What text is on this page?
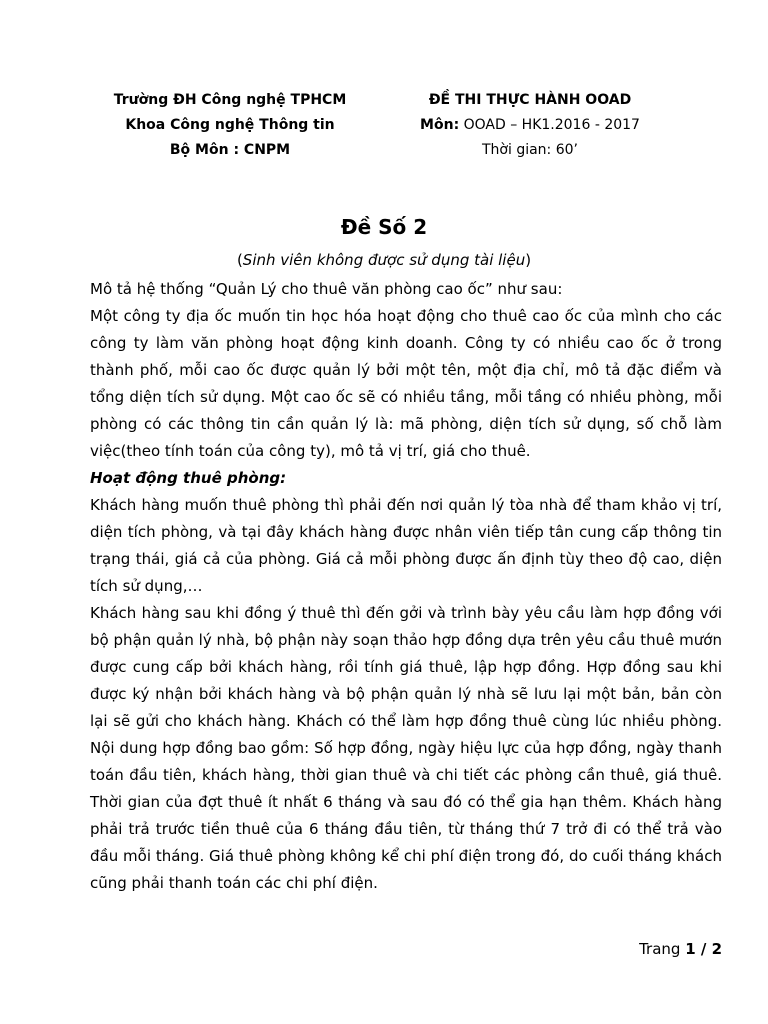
Trường ĐH Công nghệ TPHCM
Khoa Công nghệ Thông tin
Bộ Môn : CNPM
ĐỀ THI THỰC HÀNH OOAD
Môn: OOAD – HK1.2016 - 2017
Thời gian: 60’
Đề Số 2
(Sinh viên không được sử dụng tài liệu)

Mô tả hệ thống “Quản Lý cho thuê văn phòng cao ốc” như sau:

Một công ty địa ốc muốn tin học hóa hoạt động cho thuê cao ốc của mình cho các công ty làm văn phòng hoạt động kinh doanh. Công ty có nhiều cao ốc ở trong thành phố, mỗi cao ốc được quản lý bởi một tên, một địa chỉ, mô tả đặc điểm và tổng diện tích sử dụng. Một cao ốc sẽ có nhiều tầng, mỗi tầng có nhiều phòng, mỗi phòng có các thông tin cần quản lý là: mã phòng, diện tích sử dụng, số chỗ làm việc(theo tính toán của công ty), mô tả vị trí, giá cho thuê.

Hoạt động thuê phòng:

Khách hàng muốn thuê phòng thì phải đến nơi quản lý tòa nhà để tham khảo vị trí, diện tích phòng, và tại đây khách hàng được nhân viên tiếp tân cung cấp thông tin trạng thái, giá cả của phòng. Giá cả mỗi phòng được ấn định tùy theo độ cao, diện tích sử dụng,…

Khách hàng sau khi đồng ý thuê thì đến gởi và trình bày yêu cầu làm hợp đồng với bộ phận quản lý nhà, bộ phận này soạn thảo hợp đồng dựa trên yêu cầu thuê mướn được cung cấp bởi khách hàng, rồi tính giá thuê, lập hợp đồng. Hợp đồng sau khi được ký nhận bởi khách hàng và bộ phận quản lý nhà sẽ lưu lại một bản, bản còn lại sẽ gửi cho khách hàng. Khách có thể làm hợp đồng thuê cùng lúc nhiều phòng. Nội dung hợp đồng bao gồm: Số hợp đồng, ngày hiệu lực của hợp đồng, ngày thanh toán đầu tiên, khách hàng, thời gian thuê và chi tiết các phòng cần thuê, giá thuê. Thời gian của đợt thuê ít nhất 6 tháng và sau đó có thể gia hạn thêm. Khách hàng phải trả trước tiền thuê của 6 tháng đầu tiên, từ tháng thứ 7 trở đi có thể trả vào đầu mỗi tháng. Giá thuê phòng không kể chi phí điện trong đó, do cuối tháng khách cũng phải thanh toán các chi phí điện.

Trang 1 / 2
